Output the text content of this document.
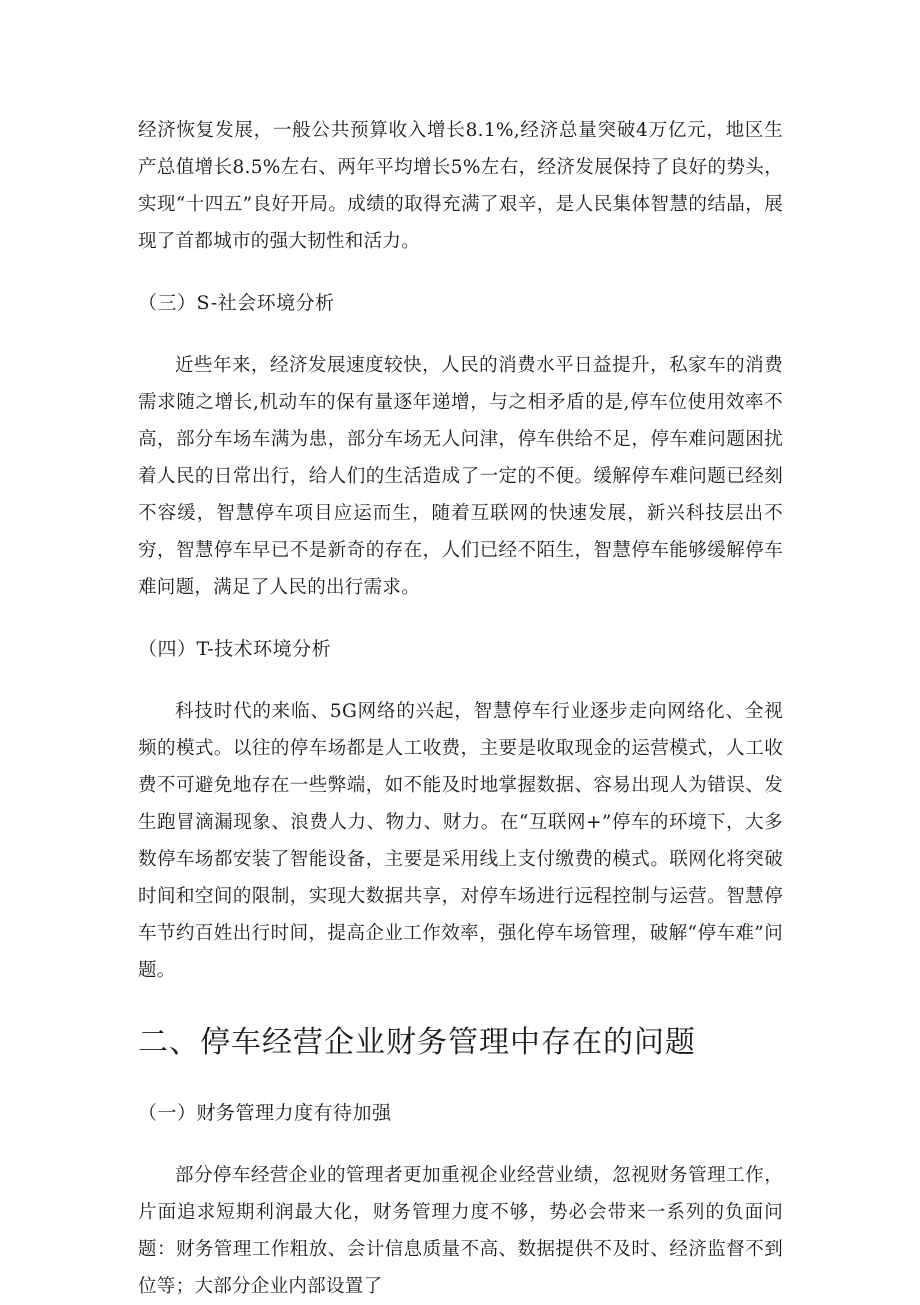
经济恢复发展，一般公共预算收入增长8.1%,经济总量突破4万亿元，地区生产总值增长8.5%左右、两年平均增长5%左右，经济发展保持了良好的势头，实现“十四五”良好开局。成绩的取得充满了艰辛，是人民集体智慧的结晶，展现了首都城市的强大韧性和活力。

（三）S-社会环境分析

近些年来，经济发展速度较快，人民的消费水平日益提升，私家车的消费需求随之增长,机动车的保有量逐年递增，与之相矛盾的是,停车位使用效率不高，部分车场车满为患，部分车场无人问津，停车供给不足，停车难问题困扰着人民的日常出行，给人们的生活造成了一定的不便。缓解停车难问题已经刻不容缓，智慧停车项目应运而生，随着互联网的快速发展，新兴科技层出不穷，智慧停车早已不是新奇的存在，人们已经不陌生，智慧停车能够缓解停车难问题，满足了人民的出行需求。

（四）T-技术环境分析

科技时代的来临、5G网络的兴起，智慧停车行业逐步走向网络化、全视频的模式。以往的停车场都是人工收费，主要是收取现金的运营模式，人工收费不可避免地存在一些弊端，如不能及时地掌握数据、容易出现人为错误、发生跑冒滴漏现象、浪费人力、物力、财力。在“互联网+”停车的环境下，大多数停车场都安装了智能设备，主要是采用线上支付缴费的模式。联网化将突破时间和空间的限制，实现大数据共享，对停车场进行远程控制与运营。智慧停车节约百姓出行时间，提高企业工作效率，强化停车场管理，破解“停车难”问题。

二、停车经营企业财务管理中存在的问题

（一）财务管理力度有待加强

部分停车经营企业的管理者更加重视企业经营业绩，忽视财务管理工作，片面追求短期利润最大化，财务管理力度不够，势必会带来一系列的负面问题：财务管理工作粗放、会计信息质量不高、数据提供不及时、经济监督不到位等；大部分企业内部设置了
